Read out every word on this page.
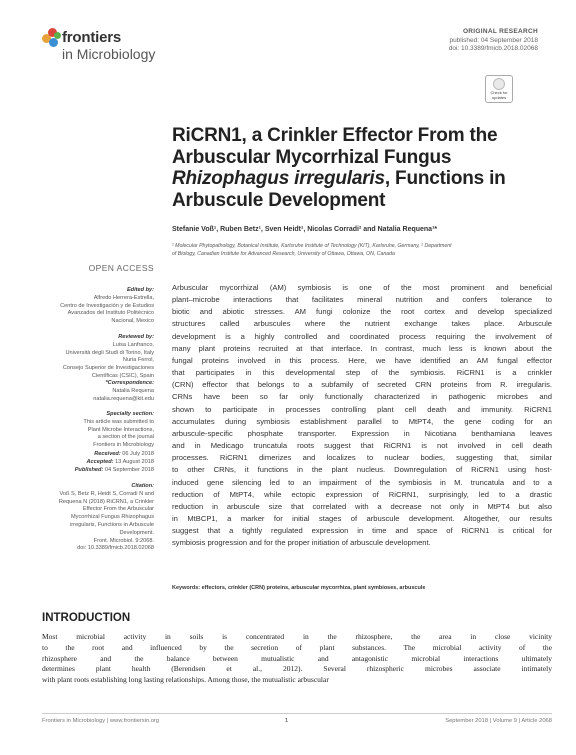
frontiers
in Microbiology
ORIGINAL RESEARCH
published: 04 September 2018
doi: 10.3389/fmicb.2018.02068
Check for updates
RiCRN1, a Crinkler Effector From the
Arbuscular Mycorrhizal Fungus
Rhizophagus irregularis, Functions in
Arbuscule Development
Stefanie Voß¹, Ruben Betz¹, Sven Heidt¹, Nicolas Corradi² and Natalia Requena¹*
¹ Molecular Phytopathology, Botanical Institute, Karlsruhe Institute of Technology (KIT), Karlsruhe, Germany, ² Department
of Biology, Canadian Institute for Advanced Research, University of Ottawa, Ottawa, ON, Canada
Arbuscular mycorrhizal (AM) symbiosis is one of the most prominent and beneficial
plant–microbe interactions that facilitates mineral nutrition and confers tolerance to
biotic and abiotic stresses. AM fungi colonize the root cortex and develop specialized
structures called arbuscules where the nutrient exchange takes place. Arbuscule
development is a highly controlled and coordinated process requiring the involvement of
many plant proteins recruited at that interface. In contrast, much less is known about the
fungal proteins involved in this process. Here, we have identified an AM fungal effector
that participates in this developmental step of the symbiosis. RiCRN1 is a crinkler
(CRN) effector that belongs to a subfamily of secreted CRN proteins from R. irregularis.
CRNs have been so far only functionally characterized in pathogenic microbes and
shown to participate in processes controlling plant cell death and immunity. RiCRN1
accumulates during symbiosis establishment parallel to MtPT4, the gene coding for an
arbuscule-specific phosphate transporter. Expression in Nicotiana benthamiana leaves
and in Medicago truncatula roots suggest that RiCRN1 is not involved in cell death
processes. RiCRN1 dimerizes and localizes to nuclear bodies, suggesting that, similar
to other CRNs, it functions in the plant nucleus. Downregulation of RiCRN1 using host-
induced gene silencing led to an impairment of the symbiosis in M. truncatula and to a
reduction of MtPT4, while ectopic expression of RiCRN1, surprisingly, led to a drastic
reduction in arbuscule size that correlated with a decrease not only in MtPT4 but also
in MtBCP1, a marker for initial stages of arbuscule development. Altogether, our results
suggest that a tightly regulated expression in time and space of RiCRN1 is critical for
symbiosis progression and for the proper initiation of arbuscule development.
Keywords: effectors, crinkler (CRN) proteins, arbuscular mycorrhiza, plant symbioses, arbuscule
OPEN ACCESS
Edited by:
Alfredo Herrera-Estrella,
Centro de Investigación y de Estudios
Avanzados del Instituto Politécnico
Nacional, Mexico
Reviewed by:
Luisa Lanfranco,
Università degli Studi di Torino, Italy
Nuria Ferrol,
Consejo Superior de Investigaciones
Científicas (CSIC), Spain
*Correspondence:
Natalia Requena
natalia.requena@kit.edu
Specialty section:
This article was submitted to
Plant Microbe Interactions,
a section of the journal
Frontiers in Microbiology
Received: 06 July 2018
Accepted: 13 August 2018
Published: 04 September 2018
Citation:
Voß S, Betz R, Heidt S, Corradi N and
Requena N (2018) RiCRN1, a Crinkler
Effector From the Arbuscular
Mycorrhizal Fungus Rhizophagus
irregularis, Functions in Arbuscule
Development.
Front. Microbiol. 9:2068.
doi: 10.3389/fmicb.2018.02068
INTRODUCTION
Most microbial activity in soils is concentrated in the rhizosphere, the area in close vicinity
to the root and influenced by the secretion of plant substances. The microbial activity of the
rhizosphere and the balance between mutualistic and antagonistic microbial interactions ultimately
determines plant health (Berendsen et al., 2012). Several rhizospheric microbes associate intimately
with plant roots establishing long lasting relationships. Among those, the mutualistic arbuscular
Frontiers in Microbiology | www.frontiersin.org	1	September 2018 | Volume 9 | Article 2068
